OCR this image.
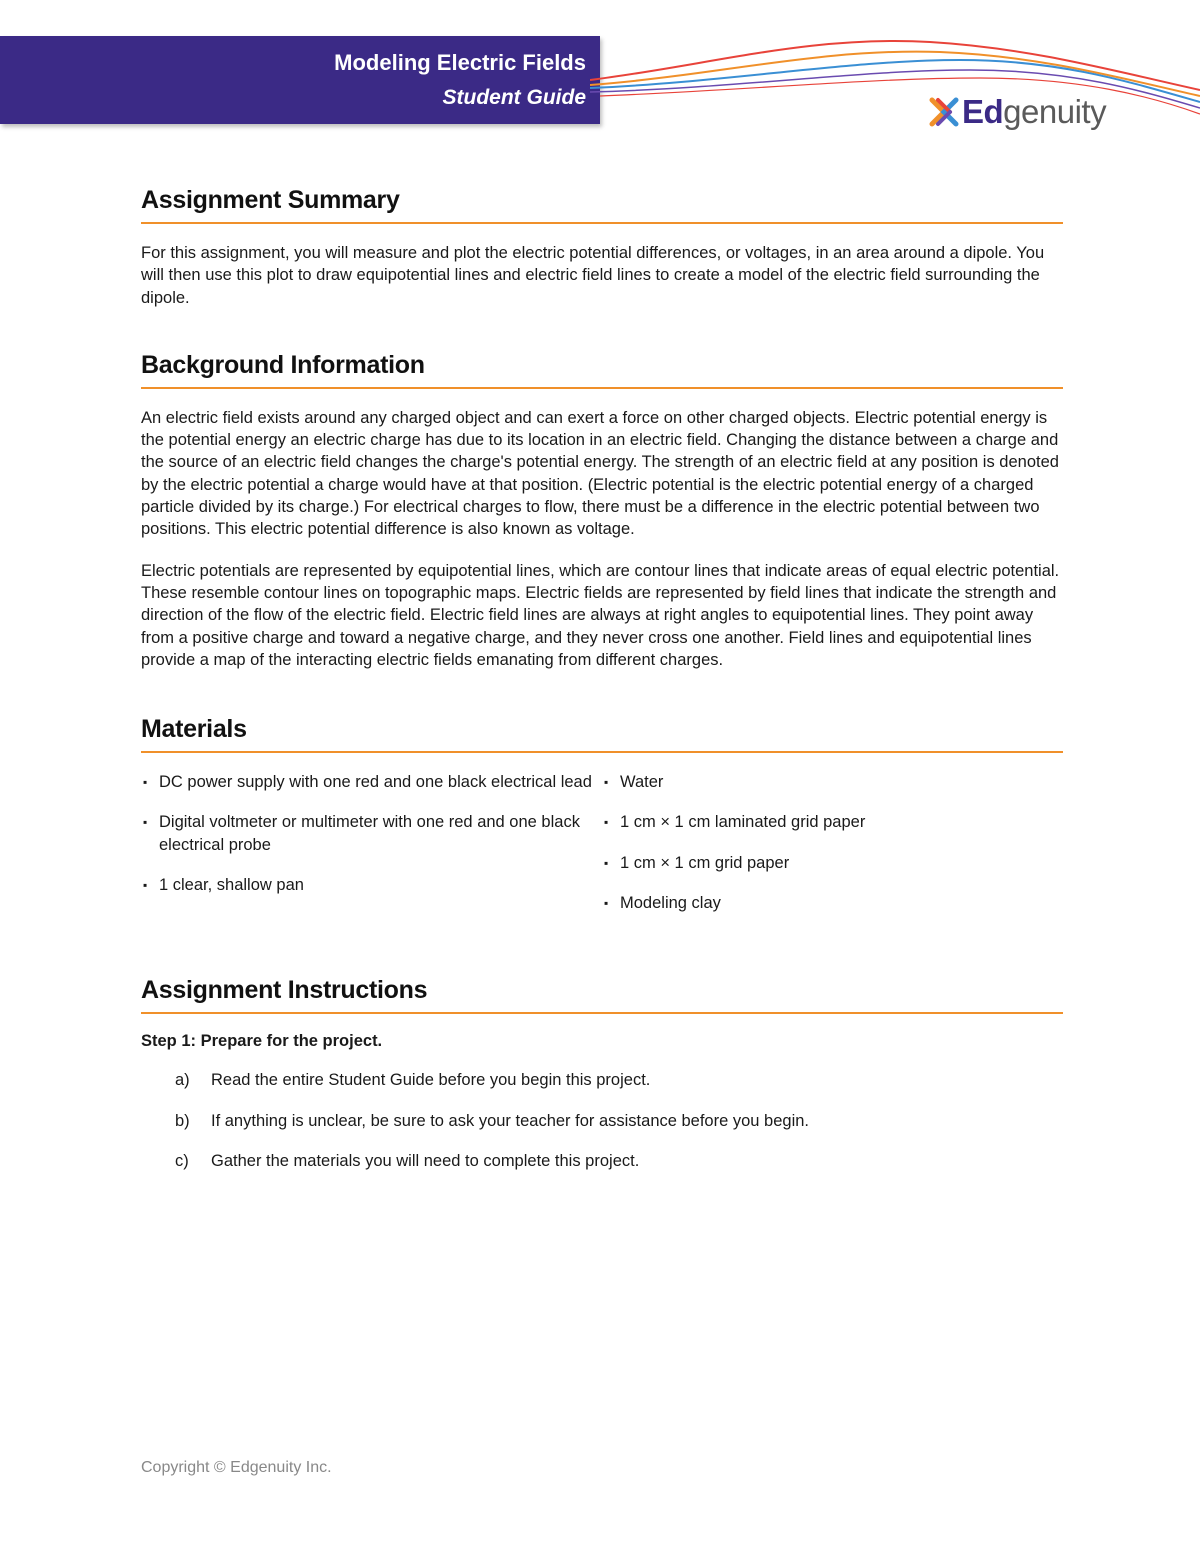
Modeling Electric Fields
Student Guide	Edgenuity
Assignment Summary

For this assignment, you will measure and plot the electric potential differences, or voltages, in an area around a dipole. You will then use this plot to draw equipotential lines and electric field lines to create a model of the electric field surrounding the dipole.

Background Information

An electric field exists around any charged object and can exert a force on other charged objects. Electric potential energy is the potential energy an electric charge has due to its location in an electric field. Changing the distance between a charge and the source of an electric field changes the charge's potential energy. The strength of an electric field at any position is denoted by the electric potential a charge would have at that position. (Electric potential is the electric potential energy of a charged particle divided by its charge.) For electrical charges to flow, there must be a difference in the electric potential between two positions. This electric potential difference is also known as voltage.

Electric potentials are represented by equipotential lines, which are contour lines that indicate areas of equal electric potential. These resemble contour lines on topographic maps. Electric fields are represented by field lines that indicate the strength and direction of the flow of the electric field. Electric field lines are always at right angles to equipotential lines. They point away from a positive charge and toward a negative charge, and they never cross one another. Field lines and equipotential lines provide a map of the interacting electric fields emanating from different charges.

Materials
▪ DC power supply with one red and one black electrical lead
▪ Digital voltmeter or multimeter with one red and one black electrical probe
▪ 1 clear, shallow pan
▪ Water
▪ 1 cm × 1 cm laminated grid paper
▪ 1 cm × 1 cm grid paper
▪ Modeling clay
Assignment Instructions
Step 1: Prepare for the project.
a) Read the entire Student Guide before you begin this project.
b) If anything is unclear, be sure to ask your teacher for assistance before you begin.
c) Gather the materials you will need to complete this project.
Copyright © Edgenuity Inc.
